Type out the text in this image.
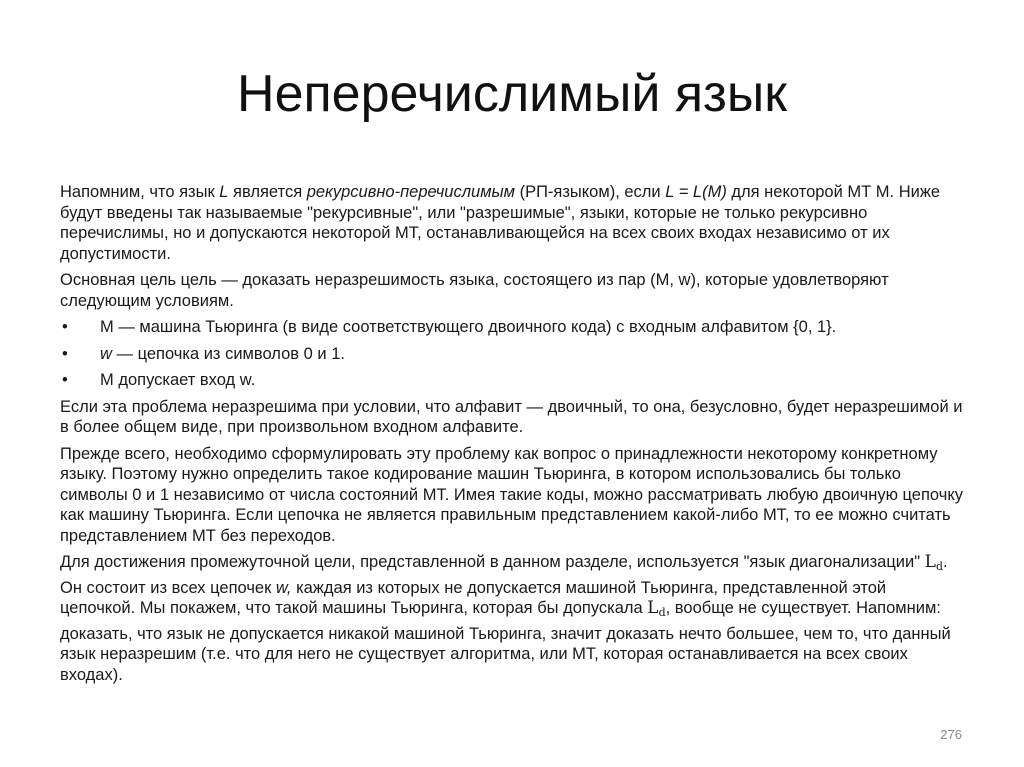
Неперечислимый язык

Напомним, что язык L является рекурсивно-перечислимым (РП-языком), если L = L(M) для некоторой МТ М. Ниже будут введены так называемые "рекурсивные", или "разрешимые", языки, которые не только рекурсивно перечислимы, но и допускаются некоторой МТ, останавливающейся на всех своих входах независимо от их допустимости.

Основная цель цель — доказать неразрешимость языка, состоящего из пар (M, w), которые удовлетворяют следующим условиям.

• М — машина Тьюринга (в виде соответствующего двоичного кода) с входным алфавитом {0, 1}.
• w — цепочка из символов 0 и 1.
• М допускает вход w.

Если эта проблема неразрешима при условии, что алфавит — двоичный, то она, безусловно, будет неразрешимой и в более общем виде, при произвольном входном алфавите.

Прежде всего, необходимо сформулировать эту проблему как вопрос о принадлежности некоторому конкретному языку. Поэтому нужно определить такое кодирование машин Тьюринга, в котором использовались бы только символы 0 и 1 независимо от числа состояний МТ. Имея такие коды, можно рассматривать любую двоичную цепочку как машину Тьюринга. Если цепочка не является правильным представлением какой-либо МТ, то ее можно считать представлением МТ без переходов.

Для достижения промежуточной цели, представленной в данном разделе, используется "язык диагонализации" $L_d$. Он состоит из всех цепочек w, каждая из которых не допускается машиной Тьюринга, представленной этой цепочкой. Мы покажем, что такой машины Тьюринга, которая бы допускала $L_d$, вообще не существует. Напомним: доказать, что язык не допускается никакой машиной Тьюринга, значит доказать нечто большее, чем то, что данный язык неразрешим (т.е. что для него не существует алгоритма, или МТ, которая останавливается на всех своих входах).

276
